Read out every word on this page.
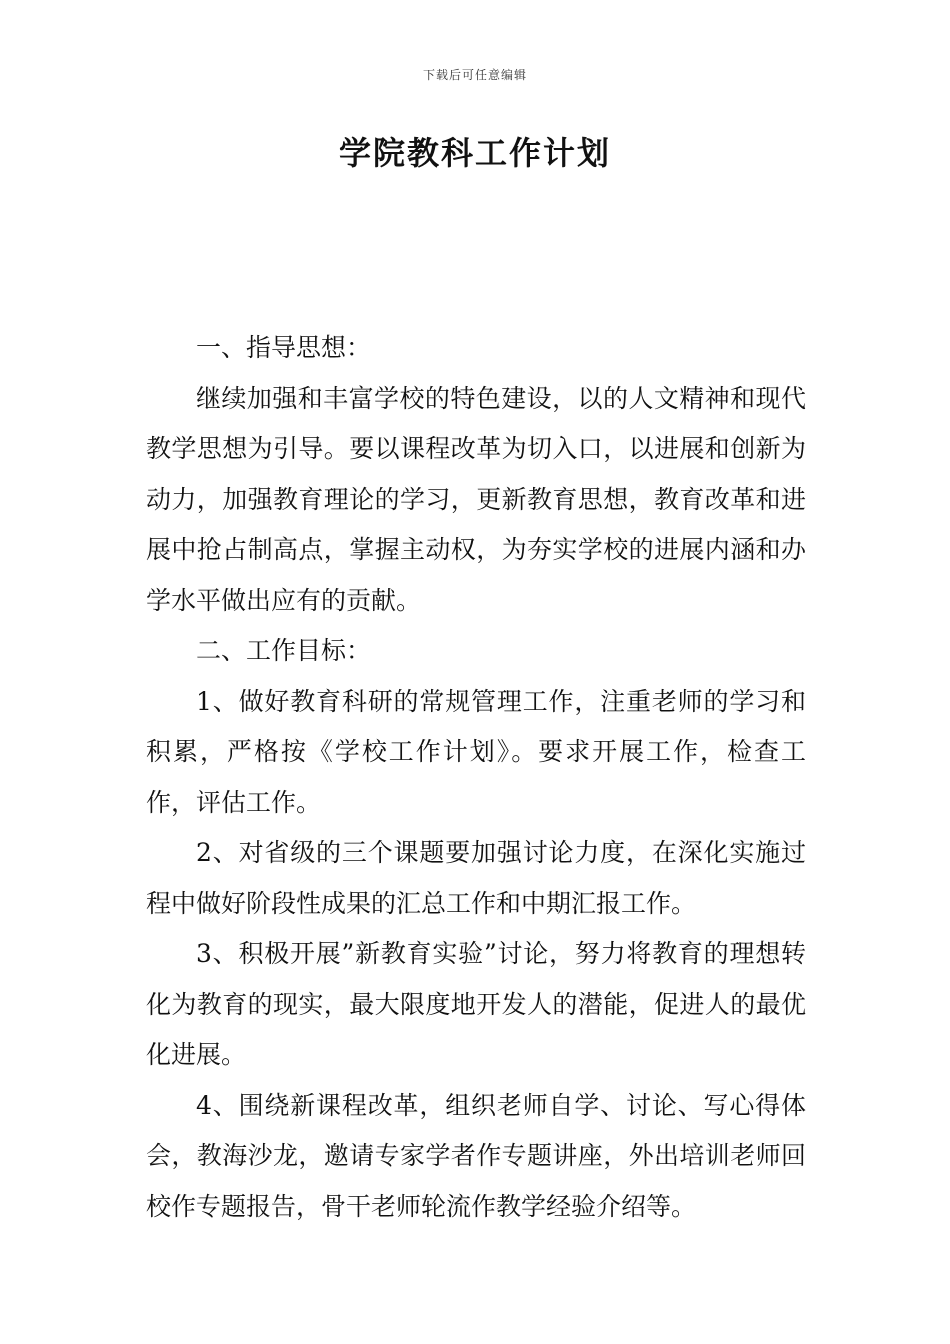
下载后可任意编辑
学院教科工作计划

一、指导思想：

继续加强和丰富学校的特色建设，以的人文精神和现代教学思想为引导。要以课程改革为切入口，以进展和创新为动力，加强教育理论的学习，更新教育思想，教育改革和进展中抢占制高点，掌握主动权，为夯实学校的进展内涵和办学水平做出应有的贡献。

二、工作目标：

1、做好教育科研的常规管理工作，注重老师的学习和积累，严格按《学校工作计划》。要求开展工作，检查工作，评估工作。

2、对省级的三个课题要加强讨论力度，在深化实施过程中做好阶段性成果的汇总工作和中期汇报工作。

3、积极开展”新教育实验”讨论，努力将教育的理想转化为教育的现实，最大限度地开发人的潜能，促进人的最优化进展。

4、围绕新课程改革，组织老师自学、讨论、写心得体会，教海沙龙，邀请专家学者作专题讲座，外出培训老师回校作专题报告，骨干老师轮流作教学经验介绍等。
